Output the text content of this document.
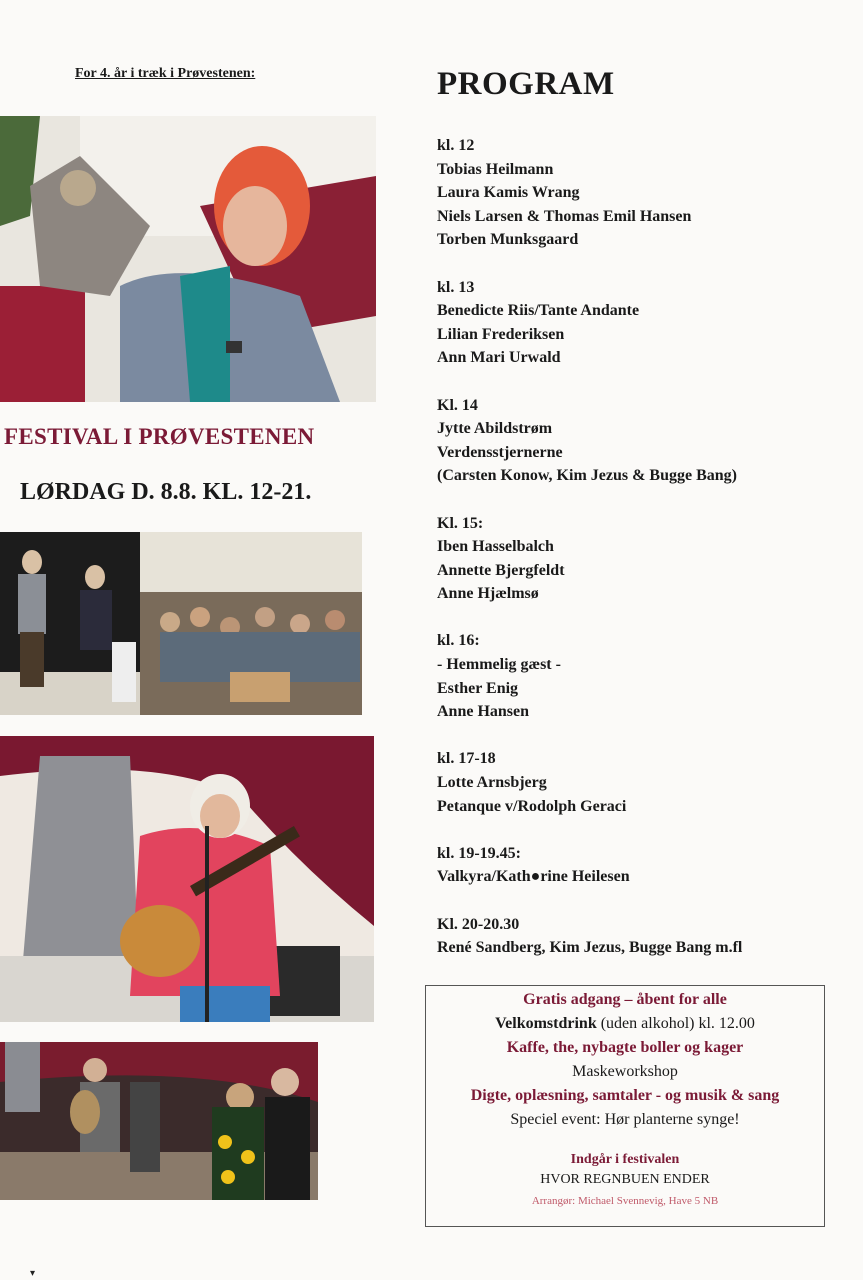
For 4. år i træk i Prøvestenen:
FESTIVAL I PRØVESTENEN
LØRDAG D. 8.8. KL. 12-21.
PROGRAM
kl. 12
Tobias Heilmann
Laura Kamis Wrang
Niels Larsen & Thomas Emil Hansen
Torben Munksgaard
kl. 13
Benedicte Riis/Tante Andante
Lilian Frederiksen
Ann Mari Urwald
Kl. 14
Jytte Abildstrøm
Verdensstjernerne
(Carsten Konow, Kim Jezus & Bugge Bang)
Kl. 15:
Iben Hasselbalch
Annette Bjergfeldt
Anne Hjælmsø
kl. 16:
- Hemmelig gæst -
Esther Enig
Anne Hansen
kl. 17-18
Lotte Arnsbjerg
Petanque v/Rodolph Geraci
kl. 19-19.45:
Valkyra/Kath●rine Heilesen
Kl. 20-20.30
René Sandberg, Kim Jezus, Bugge Bang m.fl
Gratis adgang – åbent for alle
Velkomstdrink (uden alkohol) kl. 12.00
Kaffe, the, nybagte boller og kager
Maskeworkshop
Digte, oplæsning, samtaler - og musik & sang
Speciel event: Hør planterne synge!
Indgår i festivalen
HVOR REGNBUEN ENDER
Arrangør: Michael Svennevig, Have 5 NB
▾
